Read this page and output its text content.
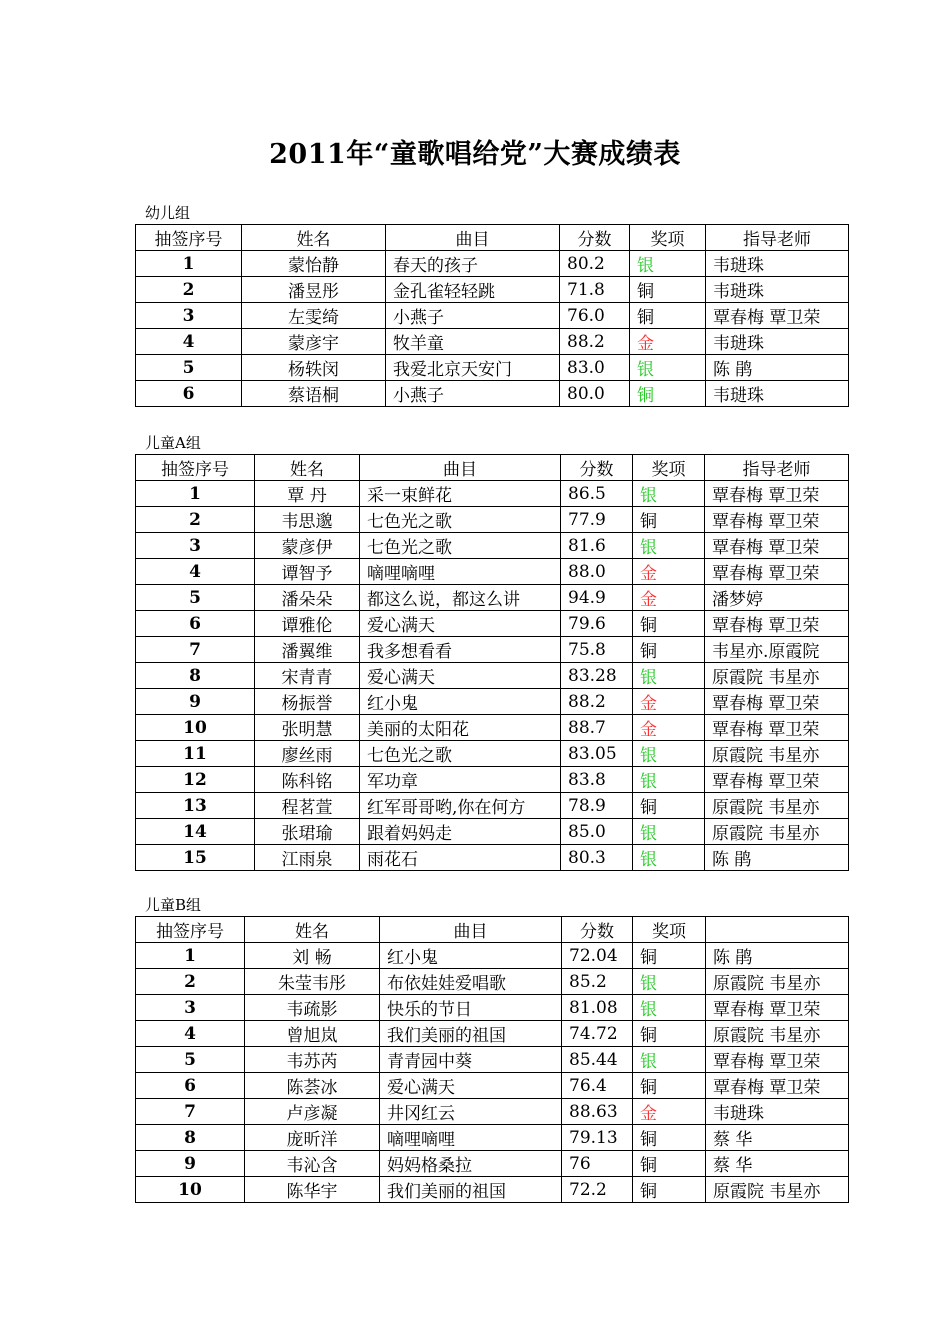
2011年“童歌唱给党”大赛成绩表
幼儿组
抽签序号	姓名	曲目	分数	奖项	指导老师
1	蒙怡静	春天的孩子	80.2	银	韦琎珠
2	潘昱彤	金孔雀轻轻跳	71.8	铜	韦琎珠
3	左雯绮	小燕子	76.0	铜	覃春梅 覃卫荣
4	蒙彦宇	牧羊童	88.2	金	韦琎珠
5	杨轶闵	我爱北京天安门	83.0	银	陈 鹃
6	蔡语桐	小燕子	80.0	铜	韦琎珠
儿童A组
抽签序号	姓名	曲目	分数	奖项	指导老师
1	覃 丹	采一束鲜花	86.5	银	覃春梅 覃卫荣
2	韦思邈	七色光之歌	77.9	铜	覃春梅 覃卫荣
3	蒙彦伊	七色光之歌	81.6	银	覃春梅 覃卫荣
4	谭智予	嘀哩嘀哩	88.0	金	覃春梅 覃卫荣
5	潘朵朵	都这么说，都这么讲	94.9	金	潘梦婷
6	谭雅伦	爱心满天	79.6	铜	覃春梅 覃卫荣
7	潘翼维	我多想看看	75.8	铜	韦星亦.原霞院
8	宋青青	爱心满天	83.28	银	原霞院 韦星亦
9	杨振誉	红小鬼	88.2	金	覃春梅 覃卫荣
10	张明慧	美丽的太阳花	88.7	金	覃春梅 覃卫荣
11	廖丝雨	七色光之歌	83.05	银	原霞院 韦星亦
12	陈科铭	军功章	83.8	银	覃春梅 覃卫荣
13	程茗萱	红军哥哥哟,你在何方	78.9	铜	原霞院 韦星亦
14	张珺瑜	跟着妈妈走	85.0	银	原霞院 韦星亦
15	江雨泉	雨花石	80.3	银	陈 鹃
儿童B组
抽签序号	姓名	曲目	分数	奖项	
1	刘 畅	红小鬼	72.04	铜	陈 鹃
2	朱莹韦彤	布依娃娃爱唱歌	85.2	银	原霞院 韦星亦
3	韦疏影	快乐的节日	81.08	银	覃春梅 覃卫荣
4	曾旭岚	我们美丽的祖国	74.72	铜	原霞院 韦星亦
5	韦苏芮	青青园中葵	85.44	银	覃春梅 覃卫荣
6	陈荟冰	爱心满天	76.4	铜	覃春梅 覃卫荣
7	卢彦凝	井冈红云	88.63	金	韦琎珠
8	庞昕洋	嘀哩嘀哩	79.13	铜	蔡 华
9	韦沁含	妈妈格桑拉	76	铜	蔡 华
10	陈华宇	我们美丽的祖国	72.2	铜	原霞院 韦星亦
